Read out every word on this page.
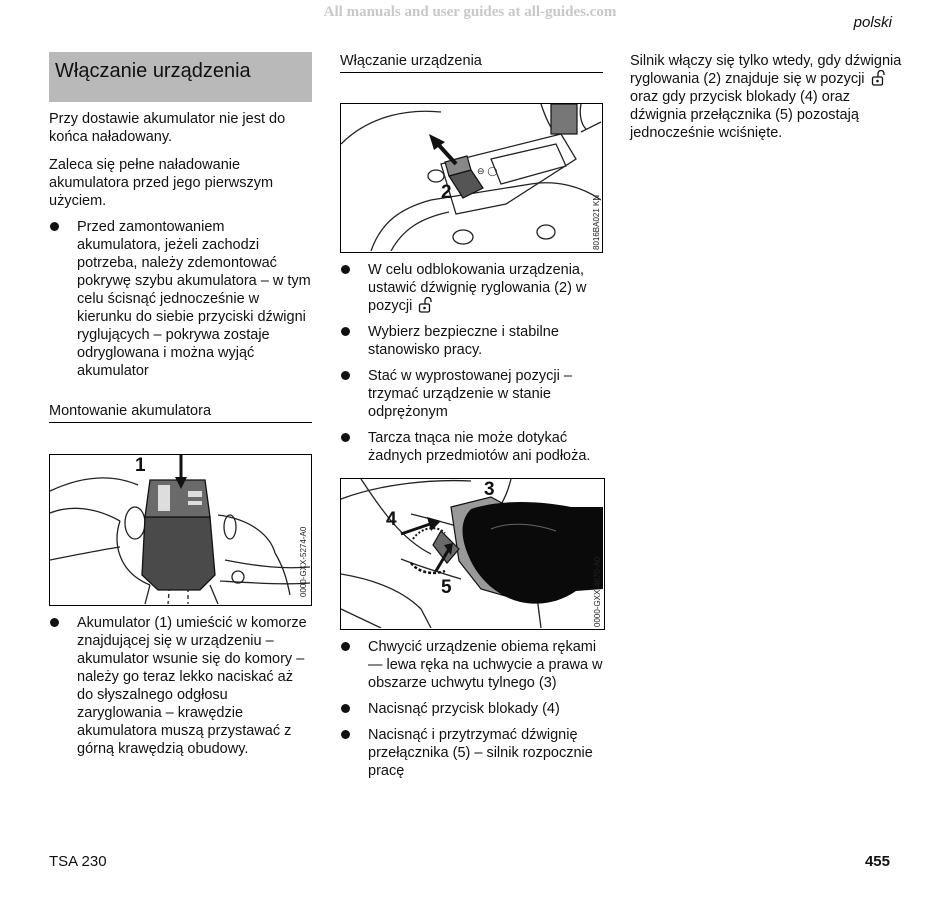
All manuals and user guides at all-guides.com
polski
Włączanie urządzenia

Przy dostawie akumulator nie jest do końca naładowany.

Zaleca się pełne naładowanie akumulatora przed jego pierwszym użyciem.

Przed zamontowaniem akumulatora, jeżeli zachodzi potrzeba, należy zdemontować pokrywę szybu akumulatora – w tym celu ścisnąć jednocześnie w kierunku do siebie przyciski dźwigni ryglujących – pokrywa zostaje odryglowana i można wyjąć akumulator
Montowanie akumulatora
1
0000-GXX-5274-A0
Akumulator (1) umieścić w komorze znajdującej się w urządzeniu – akumulator wsunie się do komory – należy go teraz lekko naciskać aż do słyszalnego odgłosu zaryglowania – krawędzie akumulatora muszą przystawać z górną krawędzią obudowy.
Włączanie urządzenia
⊖ ◯
2
8016BA021 KN
W celu odblokowania urządzenia, ustawić dźwignię ryglowania (2) w pozycji
Wybierz bezpieczne i stabilne stanowisko pracy.
Stać w wyprostowanej pozycji – trzymać urządzenie w stanie odprężonym
Tarcza tnąca nie może dotykać żadnych przedmiotów ani podłoża.
3
4
5	0000-GXX-4670-A0
Chwycić urządzenie obiema rękami — lewa ręka na uchwycie a prawa w obszarze uchwytu tylnego (3)
Nacisnąć przycisk blokady (4)
Nacisnąć i przytrzymać dźwignię przełącznika (5) – silnik rozpocznie pracę

Silnik włączy się tylko wtedy, gdy dźwignia ryglowania (2) znajduje się w pozycji  oraz gdy przycisk blokady (4) oraz dźwignia przełącznika (5) pozostają jednocześnie wciśnięte.

TSA 230	455
